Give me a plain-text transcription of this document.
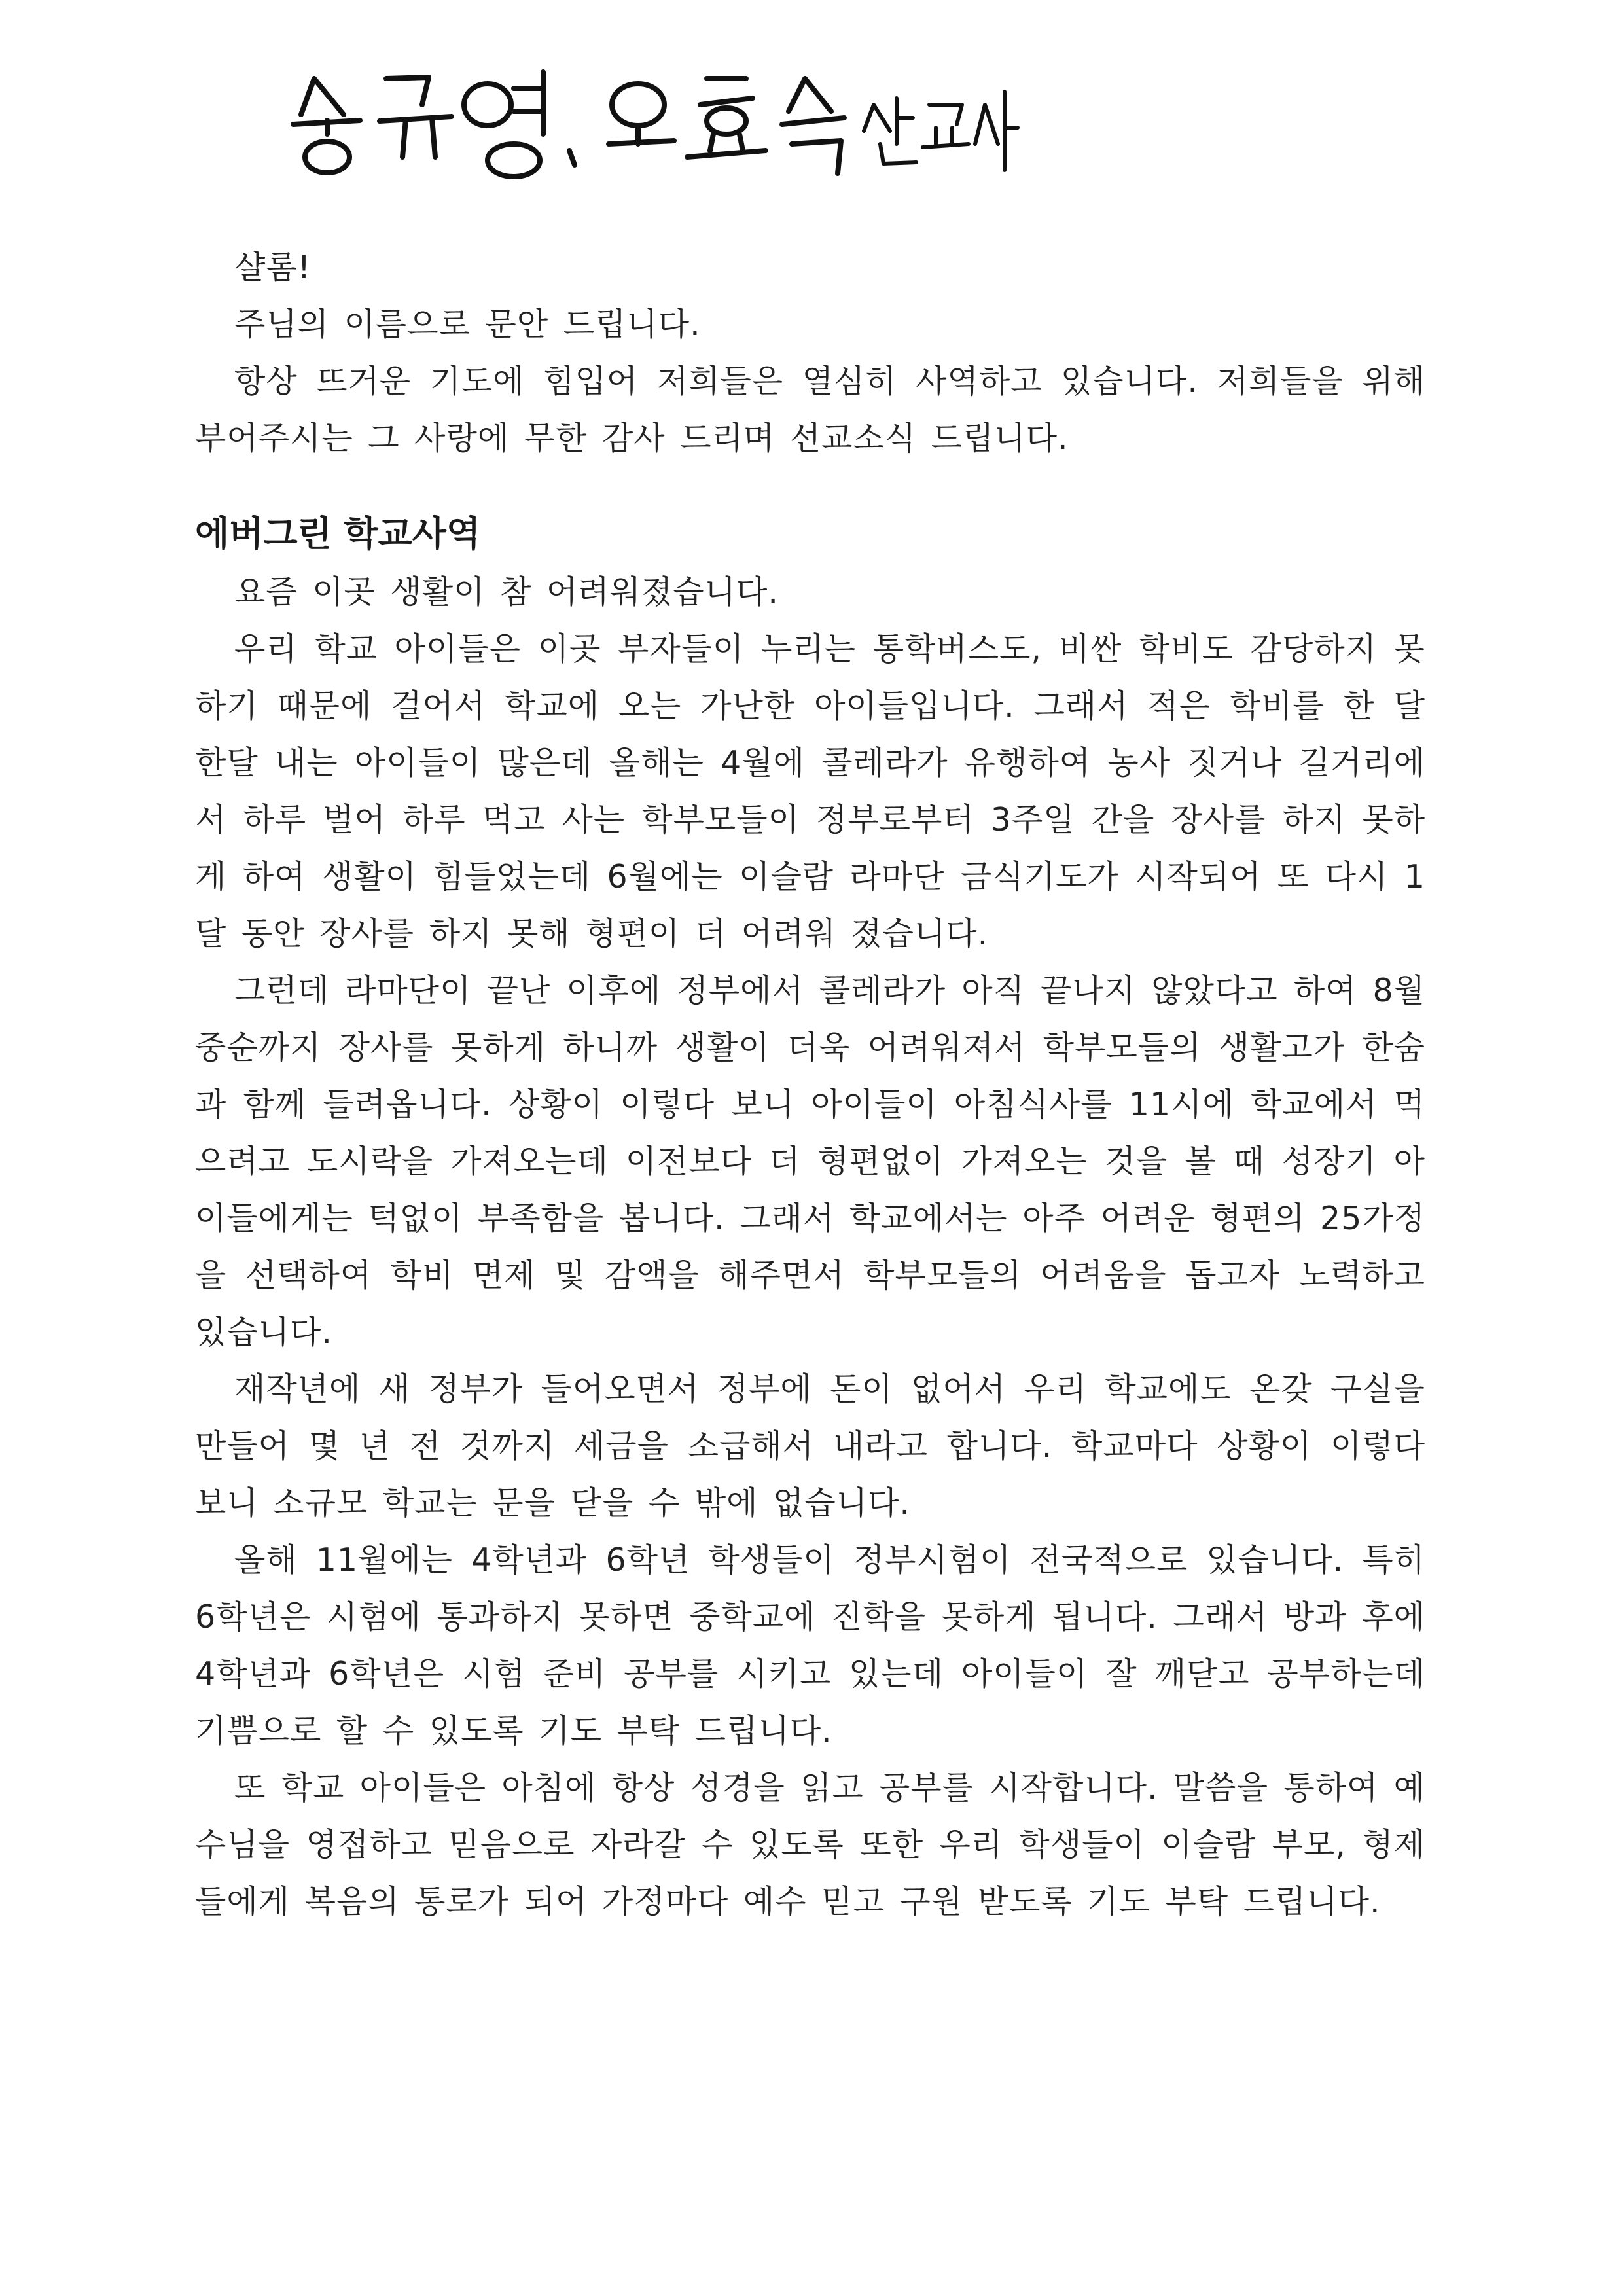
샬롬!

주님의 이름으로 문안 드립니다.

항상 뜨거운 기도에 힘입어 저희들은 열심히 사역하고 있습니다. 저희들을 위해 부어주시는 그 사랑에 무한 감사 드리며 선교소식 드립니다.

에버그린 학교사역

요즘 이곳 생활이 참 어려워졌습니다.

우리 학교 아이들은 이곳 부자들이 누리는 통학버스도, 비싼 학비도 감당하지 못하기 때문에 걸어서 학교에 오는 가난한 아이들입니다. 그래서 적은 학비를 한 달 한달 내는 아이들이 많은데 올해는 4월에 콜레라가 유행하여 농사 짓거나 길거리에서 하루 벌어 하루 먹고 사는 학부모들이 정부로부터 3주일 간을 장사를 하지 못하게 하여 생활이 힘들었는데 6월에는 이슬람 라마단 금식기도가 시작되어 또 다시 1달 동안 장사를 하지 못해 형편이 더 어려워 졌습니다.

그런데 라마단이 끝난 이후에 정부에서 콜레라가 아직 끝나지 않았다고 하여 8월 중순까지 장사를 못하게 하니까 생활이 더욱 어려워져서 학부모들의 생활고가 한숨과 함께 들려옵니다. 상황이 이렇다 보니 아이들이 아침식사를 11시에 학교에서 먹으려고 도시락을 가져오는데 이전보다 더 형편없이 가져오는 것을 볼 때 성장기 아이들에게는 턱없이 부족함을 봅니다. 그래서 학교에서는 아주 어려운 형편의 25가정을 선택하여 학비 면제 및 감액을 해주면서 학부모들의 어려움을 돕고자 노력하고 있습니다.

재작년에 새 정부가 들어오면서 정부에 돈이 없어서 우리 학교에도 온갖 구실을 만들어 몇 년 전 것까지 세금을 소급해서 내라고 합니다. 학교마다 상황이 이렇다 보니 소규모 학교는 문을 닫을 수 밖에 없습니다.

올해 11월에는 4학년과 6학년 학생들이 정부시험이 전국적으로 있습니다. 특히 6학년은 시험에 통과하지 못하면 중학교에 진학을 못하게 됩니다. 그래서 방과 후에 4학년과 6학년은 시험 준비 공부를 시키고 있는데 아이들이 잘 깨닫고 공부하는데 기쁨으로 할 수 있도록 기도 부탁 드립니다.

또 학교 아이들은 아침에 항상 성경을 읽고 공부를 시작합니다. 말씀을 통하여 예수님을 영접하고 믿음으로 자라갈 수 있도록 또한 우리 학생들이 이슬람 부모, 형제들에게 복음의 통로가 되어 가정마다 예수 믿고 구원 받도록 기도 부탁 드립니다.
